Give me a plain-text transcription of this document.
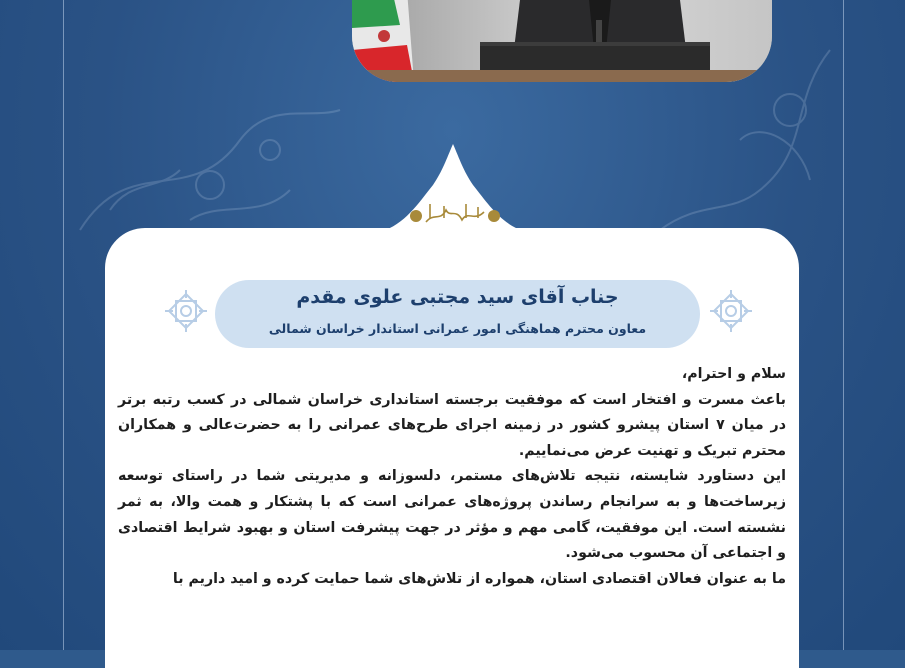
جناب آقای سید مجتبی علوی مقدم
معاون محترم هماهنگی امور عمرانی استاندار خراسان شمالی

سلام و احترام،

باعث مسرت و افتخار است که موفقیت برجسته استانداری خراسان شمالی در کسب رتبه برتر در میان ۷ استان پیشرو کشور در زمینه اجرای طرح‌های عمرانی را به حضرت‌عالی و همکاران محترم تبریک و تهنیت عرض می‌نماییم.

این دستاورد شایسته، نتیجه تلاش‌های مستمر، دلسوزانه و مدیریتی شما در راستای توسعه زیرساخت‌ها و به سرانجام رساندن پروژه‌های عمرانی است که با پشتکار و همت والا، به ثمر نشسته است. این موفقیت، گامی مهم و مؤثر در جهت پیشرفت استان و بهبود شرایط اقتصادی و اجتماعی آن محسوب می‌شود.

ما به عنوان فعالان اقتصادی استان، همواره از تلاش‌های شما حمایت کرده و امید داریم با
